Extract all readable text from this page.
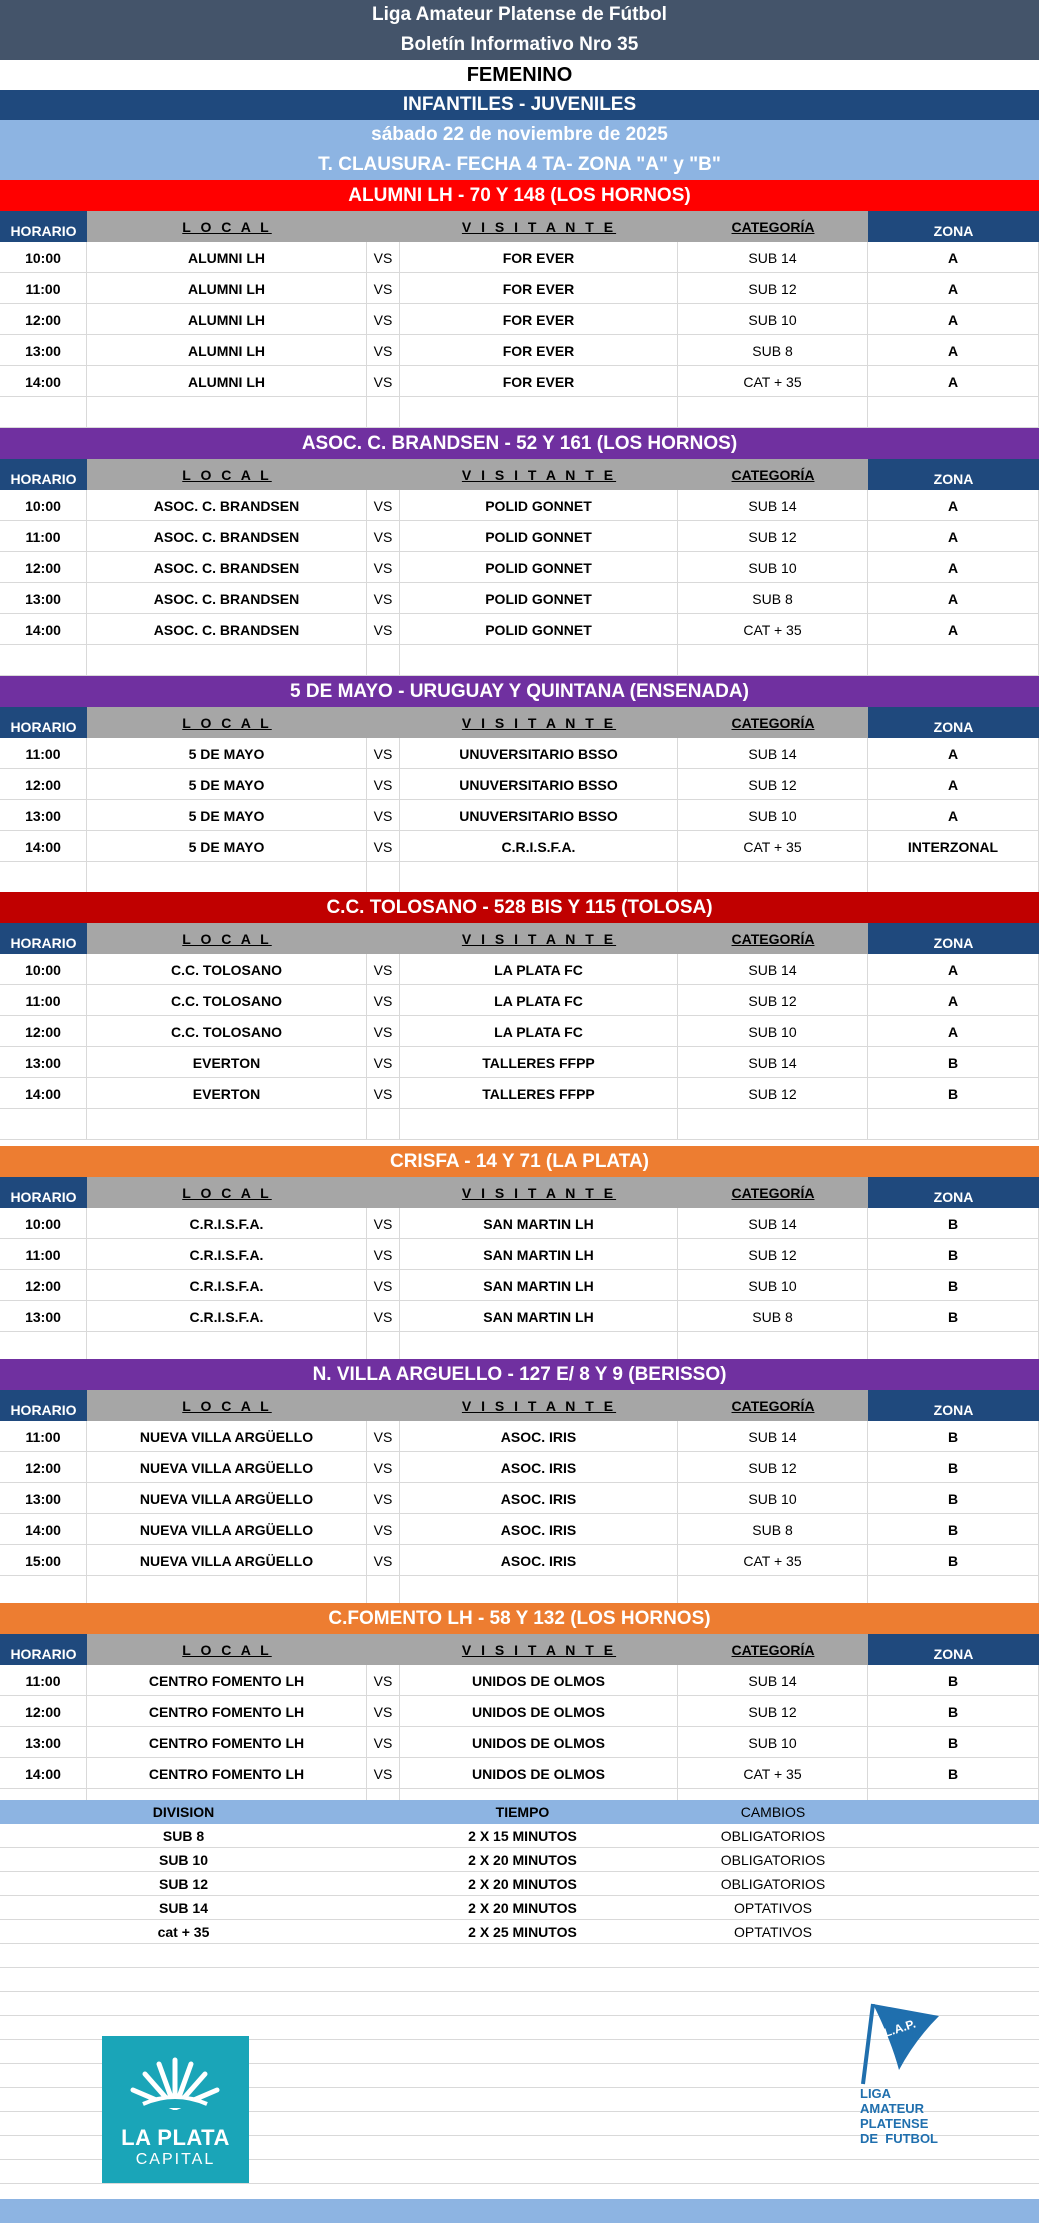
Liga Amateur Platense de Fútbol
Boletín Informativo Nro 35
FEMENINO
INFANTILES - JUVENILES
sábado 22 de noviembre de 2025
T. CLAUSURA- FECHA 4 TA- ZONA "A" y "B"
ALUMNI LH - 70 Y 148 (LOS HORNOS)
HORARIO	L O C A L	V I S I T A N T E	CATEGORÍA	ZONA
10:00	ALUMNI LH	VS	FOR EVER	SUB 14	A
11:00	ALUMNI LH	VS	FOR EVER	SUB 12	A
12:00	ALUMNI LH	VS	FOR EVER	SUB 10	A
13:00	ALUMNI LH	VS	FOR EVER	SUB 8	A
14:00	ALUMNI LH	VS	FOR EVER	CAT + 35	A
ASOC. C. BRANDSEN - 52 Y 161 (LOS HORNOS)
HORARIO	L O C A L	V I S I T A N T E	CATEGORÍA	ZONA
10:00	ASOC. C. BRANDSEN	VS	POLID GONNET	SUB 14	A
11:00	ASOC. C. BRANDSEN	VS	POLID GONNET	SUB 12	A
12:00	ASOC. C. BRANDSEN	VS	POLID GONNET	SUB 10	A
13:00	ASOC. C. BRANDSEN	VS	POLID GONNET	SUB 8	A
14:00	ASOC. C. BRANDSEN	VS	POLID GONNET	CAT + 35	A
5 DE MAYO - URUGUAY Y QUINTANA (ENSENADA)
HORARIO	L O C A L	V I S I T A N T E	CATEGORÍA	ZONA
11:00	5 DE MAYO	VS	UNUVERSITARIO BSSO	SUB 14	A
12:00	5 DE MAYO	VS	UNUVERSITARIO BSSO	SUB 12	A
13:00	5 DE MAYO	VS	UNUVERSITARIO BSSO	SUB 10	A
14:00	5 DE MAYO	VS	C.R.I.S.F.A.	CAT + 35	INTERZONAL
C.C. TOLOSANO - 528 BIS Y 115 (TOLOSA)
HORARIO	L O C A L	V I S I T A N T E	CATEGORÍA	ZONA
10:00	C.C. TOLOSANO	VS	LA PLATA FC	SUB 14	A
11:00	C.C. TOLOSANO	VS	LA PLATA FC	SUB 12	A
12:00	C.C. TOLOSANO	VS	LA PLATA FC	SUB 10	A
13:00	EVERTON	VS	TALLERES FFPP	SUB 14	B
14:00	EVERTON	VS	TALLERES FFPP	SUB 12	B
CRISFA - 14 Y 71 (LA PLATA)
HORARIO	L O C A L	V I S I T A N T E	CATEGORÍA	ZONA
10:00	C.R.I.S.F.A.	VS	SAN MARTIN LH	SUB 14	B
11:00	C.R.I.S.F.A.	VS	SAN MARTIN LH	SUB 12	B
12:00	C.R.I.S.F.A.	VS	SAN MARTIN LH	SUB 10	B
13:00	C.R.I.S.F.A.	VS	SAN MARTIN LH	SUB 8	B
N. VILLA ARGUELLO - 127 E/ 8 Y 9 (BERISSO)
HORARIO	L O C A L	V I S I T A N T E	CATEGORÍA	ZONA
11:00	NUEVA VILLA ARGÜELLO	VS	ASOC. IRIS	SUB 14	B
12:00	NUEVA VILLA ARGÜELLO	VS	ASOC. IRIS	SUB 12	B
13:00	NUEVA VILLA ARGÜELLO	VS	ASOC. IRIS	SUB 10	B
14:00	NUEVA VILLA ARGÜELLO	VS	ASOC. IRIS	SUB 8	B
15:00	NUEVA VILLA ARGÜELLO	VS	ASOC. IRIS	CAT + 35	B
C.FOMENTO LH - 58 Y 132 (LOS HORNOS)
HORARIO	L O C A L	V I S I T A N T E	CATEGORÍA	ZONA
11:00	CENTRO FOMENTO LH	VS	UNIDOS DE OLMOS	SUB 14	B
12:00	CENTRO FOMENTO LH	VS	UNIDOS DE OLMOS	SUB 12	B
13:00	CENTRO FOMENTO LH	VS	UNIDOS DE OLMOS	SUB 10	B
14:00	CENTRO FOMENTO LH	VS	UNIDOS DE OLMOS	CAT + 35	B
DIVISION	TIEMPO	CAMBIOS
SUB 8	2 X 15 MINUTOS	OBLIGATORIOS
SUB 10	2 X 20 MINUTOS	OBLIGATORIOS
SUB 12	2 X 20 MINUTOS	OBLIGATORIOS
SUB 14	2 X 20 MINUTOS	OPTATIVOS
cat + 35	2 X 25 MINUTOS	OPTATIVOS
LA PLATA
CAPITAL
L.A.P.
LIGA
AMATEUR
PLATENSE
DE  FUTBOL
